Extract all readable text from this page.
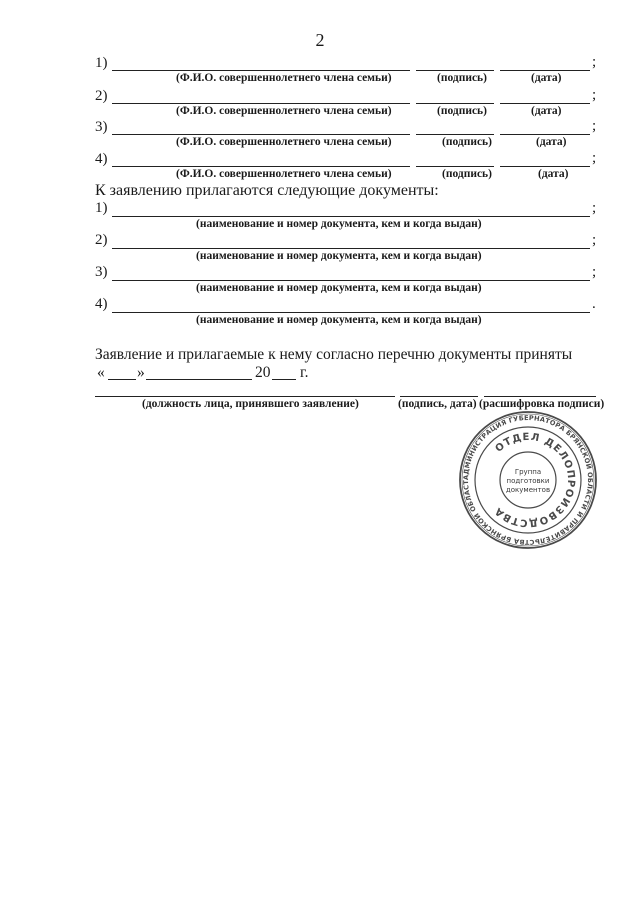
2
1)	;
(Ф.И.О. совершеннолетнего члена семьи)	(подпись)	(дата)
2)	;
(Ф.И.О. совершеннолетнего члена семьи)	(подпись)	(дата)
3)	;
(Ф.И.О. совершеннолетнего члена семьи)	(подпись)	(дата)
4)	;
(Ф.И.О. совершеннолетнего члена семьи)	(подпись)	(дата)
К заявлению прилагаются следующие документы:
1)	;
(наименование и номер документа, кем и когда выдан)
2)	;
(наименование и номер документа, кем и когда выдан)
3)	;
(наименование и номер документа, кем и когда выдан)
4)	.
(наименование и номер документа, кем и когда выдан)
Заявление и прилагаемые к нему согласно перечню документы приняты
« »	20 г.
(должность лица, принявшего заявление)	(подпись, дата) (расшифровка подписи)
АДМИНИСТРАЦИЯ ГУБЕРНАТОРА БРЯНСКОЙ ОБЛАСТИ И ПРАВИТЕЛЬСТВА БРЯНСКОЙ ОБЛАСТ
ОТДЕЛ ДЕЛОПРОИЗВОДСТВА
Группа
подготовки
документов
